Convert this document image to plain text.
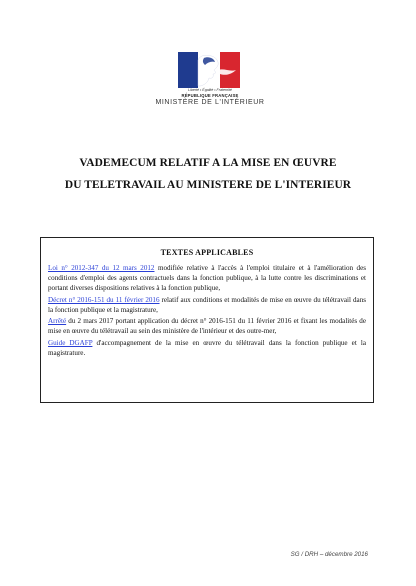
Liberté • Égalité • Fraternité
RÉPUBLIQUE FRANÇAISE
MINISTÈRE DE L'INTÉRIEUR
VADEMECUM RELATIF A LA MISE EN ŒUVRE
DU TELETRAVAIL AU MINISTERE DE L'INTERIEUR
TEXTES APPLICABLES

Loi n° 2012-347 du 12 mars 2012 modifiée relative à l'accès à l'emploi titulaire et à l'amélioration des conditions d'emploi des agents contractuels dans la fonction publique, à la lutte contre les discriminations et portant diverses dispositions relatives à la fonction publique,

Décret n° 2016-151 du 11 février 2016 relatif aux conditions et modalités de mise en œuvre du télétravail dans la fonction publique et la magistrature,

Arrêté du 2 mars 2017 portant application du décret n° 2016-151 du 11 février 2016 et fixant les modalités de mise en œuvre du télétravail au sein des ministère de l'intérieur et des outre-mer,

Guide DGAFP d'accompagnement de la mise en œuvre du télétravail dans la fonction publique et la magistrature.

SG / DRH – décembre 2016
